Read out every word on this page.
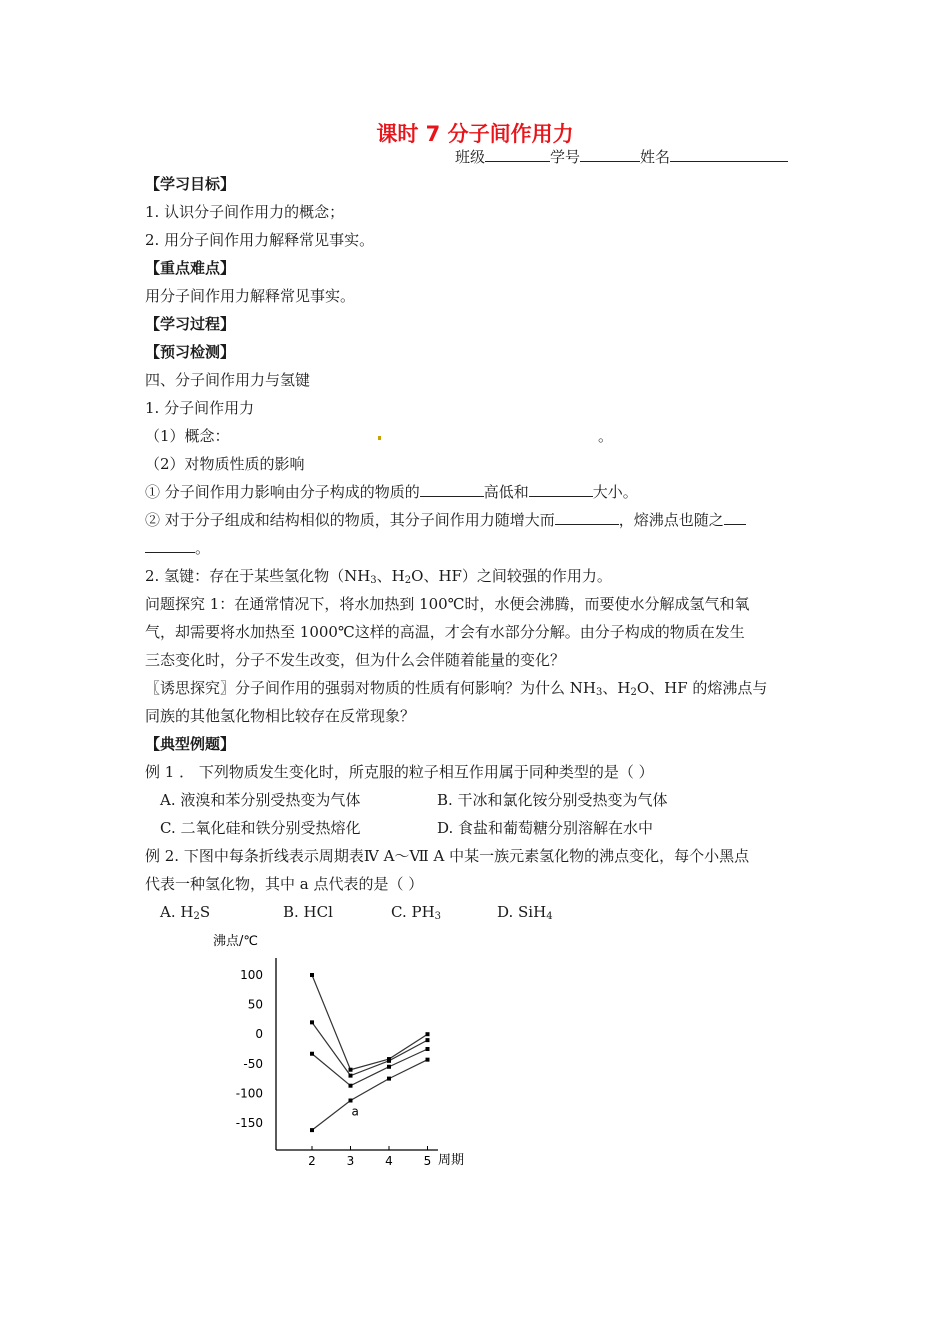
课时 7 分子间作用力
班级	学号	姓名
【学习目标】
1. 认识分子间作用力的概念；
2. 用分子间作用力解释常见事实。
【重点难点】
用分子间作用力解释常见事实。
【学习过程】
【预习检测】
四、分子间作用力与氢键
1. 分子间作用力
（1）概念：	。
（2）对物质性质的影响
① 分子间作用力影响由分子构成的物质的	高低和	大小。
② 对于分子组成和结构相似的物质，其分子间作用力随增大而	，熔沸点也随之
。
2. 氢键：存在于某些氢化物（$NH_3$、$H_2O$、HF）之间较强的作用力。
问题探究 1：在通常情况下，将水加热到 100℃时，水便会沸腾，而要使水分解成氢气和氧
气，却需要将水加热至 1000℃这样的高温，才会有水部分分解。由分子构成的物质在发生
三态变化时，分子不发生改变，但为什么会伴随着能量的变化？
〖诱思探究〗分子间作用的强弱对物质的性质有何影响？为什么 $NH_3$、$H_2O$、HF 的熔沸点与
同族的其他氢化物相比较存在反常现象？
【典型例题】
例 1 ． 下列物质发生变化时，所克服的粒子相互作用属于同种类型的是（ ）
A. 液溴和苯分别受热变为气体	B. 干冰和氯化铵分别受热变为气体
C. 二氧化硅和铁分别受热熔化	D. 食盐和葡萄糖分别溶解在水中
例 2. 下图中每条折线表示周期表Ⅳ A～Ⅶ A 中某一族元素氢化物的沸点变化，每个小黑点
代表一种氢化物，其中 a 点代表的是（ ）
A. $H_2S$	B. HCl	C. $PH_3$	D. SiH$_4$
100
50
0
-50
-100
-150
2	3	4	5
a
沸点/℃
周期
